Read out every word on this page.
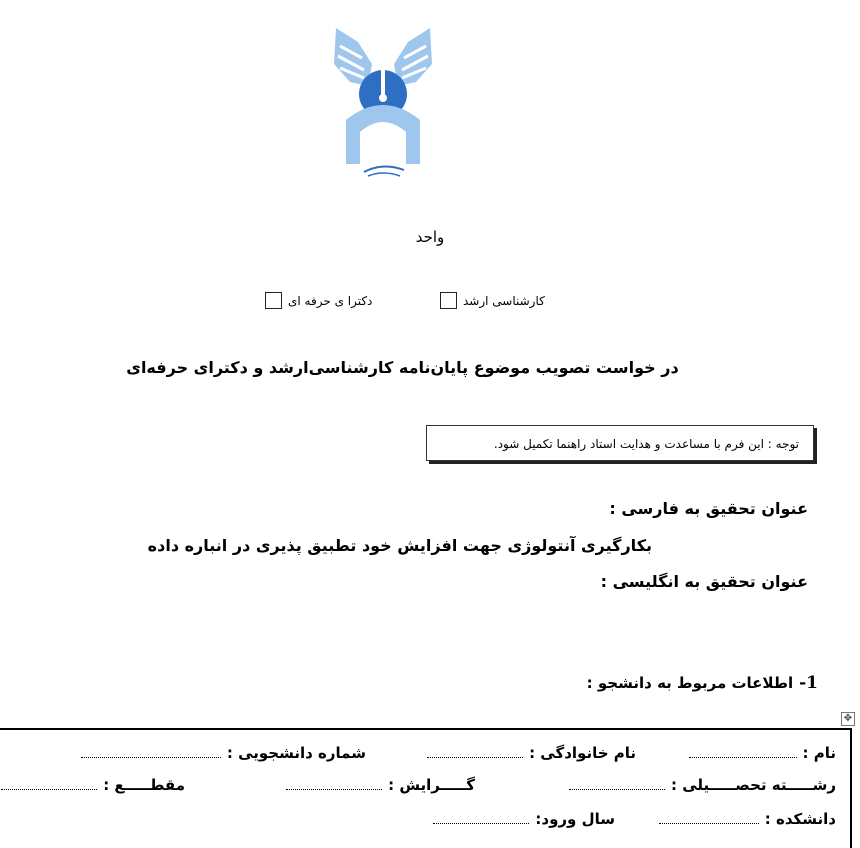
واحد
کارشناسی ارشد
دکترا ی حرفه ای
در خواست تصویب موضوع پایان‌نامه کارشناسی‌ارشد و دکترای حرفه‌ای
توجه : این فرم با مساعدت و هدایت استاد راهنما تکمیل شود.
عنوان تحقیق به فارسی :
بکارگیری آنتولوژی جهت افزایش خود تطبیق پذیری در انباره داده
عنوان تحقیق به انگلیسی :
1-
اطلاعات مربوط به دانشجو :
✥
نام :
نام خانوادگی :
شماره دانشجویی :
رشـــــته تحصـــــیلی :
گـــــرایش :
مقطـــــع :
دانشکده :
سال ورود:
